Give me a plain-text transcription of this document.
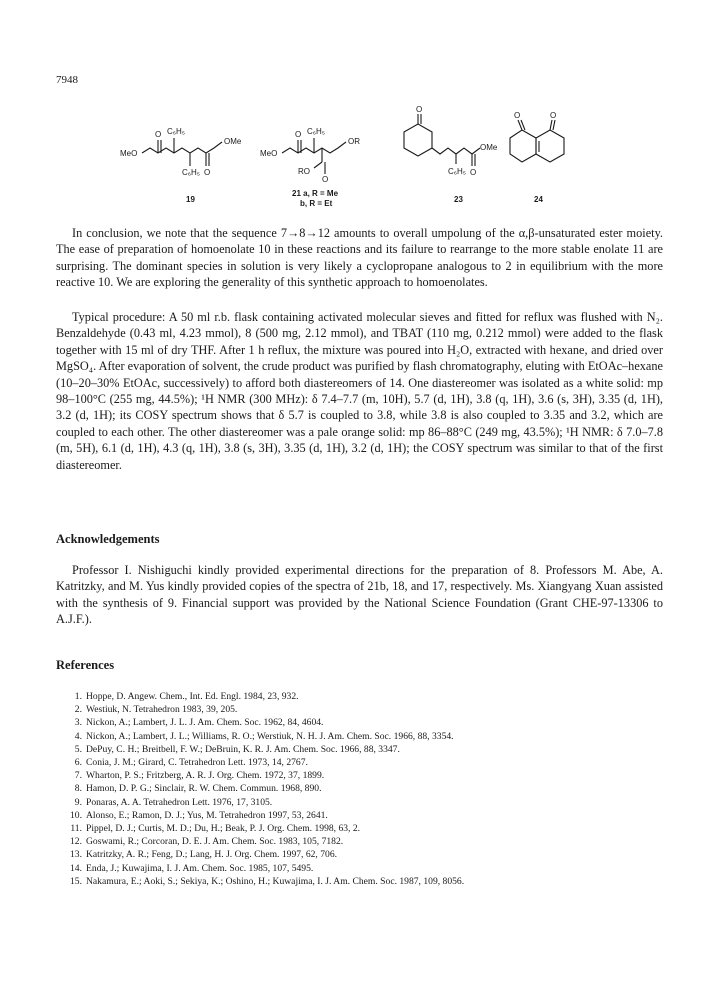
7948
MeO
O C₆H₅
C₆H₅ O
OMe
19
MeO
O C₆H₅
O
RO
OR
21 a, R = Me
b, R = Et
O
C₆H₅ O
OMe
23
O	O
24

In conclusion, we note that the sequence 7→8→12 amounts to overall umpolung of the α,β-unsaturated ester moiety. The ease of preparation of homoenolate 10 in these reactions and its failure to rearrange to the more stable enolate 11 are surprising. The dominant species in solution is very likely a cyclopropane analogous to 2 in equilibrium with the more reactive 10. We are exploring the generality of this synthetic approach to homoenolates.

Typical procedure: A 50 ml r.b. flask containing activated molecular sieves and fitted for reflux was flushed with N₂. Benzaldehyde (0.43 ml, 4.23 mmol), 8 (500 mg, 2.12 mmol), and TBAT (110 mg, 0.212 mmol) were added to the flask together with 15 ml of dry THF. After 1 h reflux, the mixture was poured into H₂O, extracted with hexane, and dried over MgSO₄. After evaporation of solvent, the crude product was purified by flash chromatography, eluting with EtOAc–hexane (10–20–30% EtOAc, successively) to afford both diastereomers of 14. One diastereomer was isolated as a white solid: mp 98–100°C (255 mg, 44.5%); ¹H NMR (300 MHz): δ 7.4–7.7 (m, 10H), 5.7 (d, 1H), 3.8 (q, 1H), 3.6 (s, 3H), 3.35 (d, 1H), 3.2 (d, 1H); its COSY spectrum shows that δ 5.7 is coupled to 3.8, while 3.8 is also coupled to 3.35 and 3.2, which are coupled to each other. The other diastereomer was a pale orange solid: mp 86–88°C (249 mg, 43.5%); ¹H NMR: δ 7.0–7.8 (m, 5H), 6.1 (d, 1H), 4.3 (q, 1H), 3.8 (s, 3H), 3.35 (d, 1H), 3.2 (d, 1H); the COSY spectrum was similar to that of the first diastereomer.

Acknowledgements

Professor I. Nishiguchi kindly provided experimental directions for the preparation of 8. Professors M. Abe, A. Katritzky, and M. Yus kindly provided copies of the spectra of 21b, 18, and 17, respectively. Ms. Xiangyang Xuan assisted with the synthesis of 9. Financial support was provided by the National Science Foundation (Grant CHE-97-13306 to A.J.F.).

References
1. Hoppe, D. Angew. Chem., Int. Ed. Engl. 1984, 23, 932.
2. Westiuk, N. Tetrahedron 1983, 39, 205.
3. Nickon, A.; Lambert, J. L. J. Am. Chem. Soc. 1962, 84, 4604.
4. Nickon, A.; Lambert, J. L.; Williams, R. O.; Werstiuk, N. H. J. Am. Chem. Soc. 1966, 88, 3354.
5. DePuy, C. H.; Breitbell, F. W.; DeBruin, K. R. J. Am. Chem. Soc. 1966, 88, 3347.
6. Conia, J. M.; Girard, C. Tetrahedron Lett. 1973, 14, 2767.
7. Wharton, P. S.; Fritzberg, A. R. J. Org. Chem. 1972, 37, 1899.
8. Hamon, D. P. G.; Sinclair, R. W. Chem. Commun. 1968, 890.
9. Ponaras, A. A. Tetrahedron Lett. 1976, 17, 3105.
10. Alonso, E.; Ramon, D. J.; Yus, M. Tetrahedron 1997, 53, 2641.
11. Pippel, D. J.; Curtis, M. D.; Du, H.; Beak, P. J. Org. Chem. 1998, 63, 2.
12. Goswami, R.; Corcoran, D. E. J. Am. Chem. Soc. 1983, 105, 7182.
13. Katritzky, A. R.; Feng, D.; Lang, H. J. Org. Chem. 1997, 62, 706.
14. Enda, J.; Kuwajima, I. J. Am. Chem. Soc. 1985, 107, 5495.
15. Nakamura, E.; Aoki, S.; Sekiya, K.; Oshino, H.; Kuwajima, I. J. Am. Chem. Soc. 1987, 109, 8056.
